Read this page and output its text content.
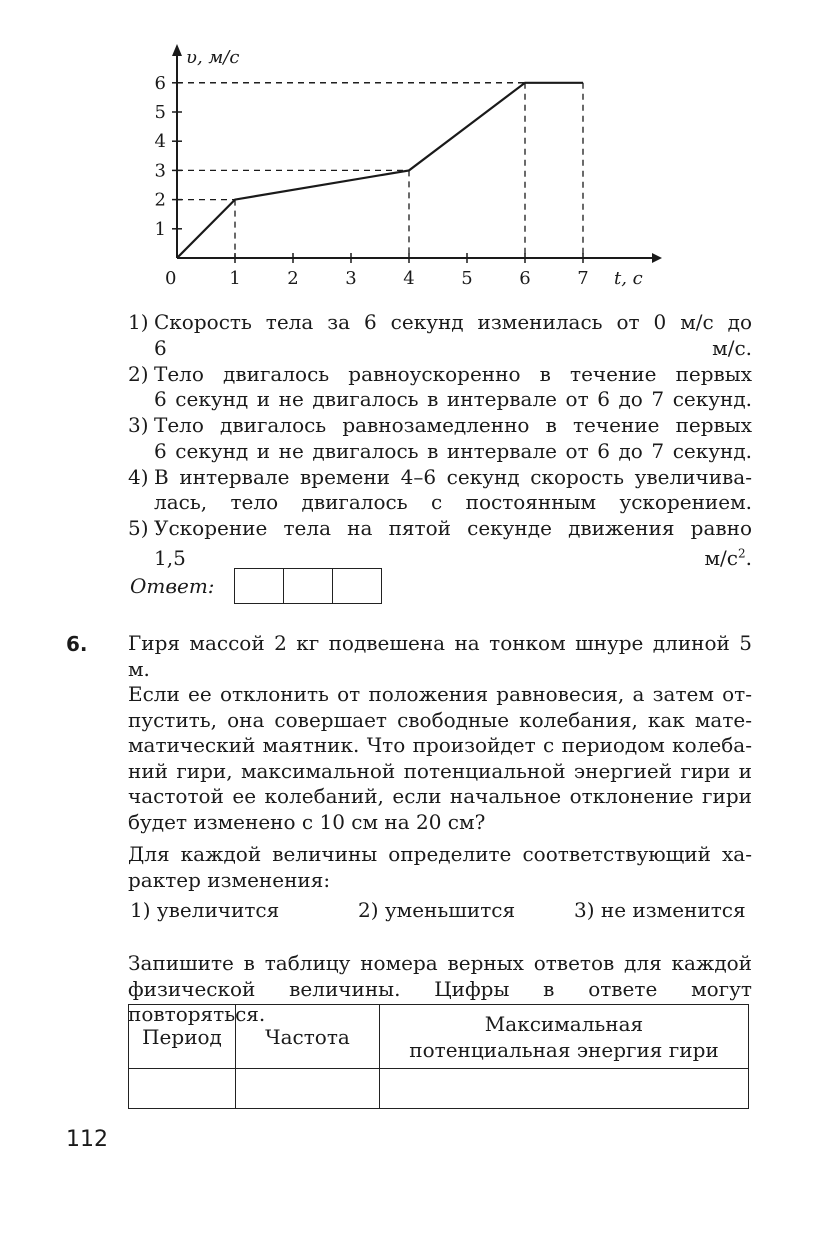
1	2	3	4	5	6	7
1
2
3
4
5
6
υ, м/с
t, с
0
1) Скорость тела за 6 секунд изменилась от 0 м/с до
6 м/с.
2) Тело двигалось равноускоренно в течение первых
6 секунд и не двигалось в интервале от 6 до 7 секунд.
3) Тело двигалось равнозамедленно в течение первых
6 секунд и не двигалось в интервале от 6 до 7 секунд.
4) В интервале времени 4–6 секунд скорость увеличива-
лась, тело двигалось с постоянным ускорением.
5) Ускорение тела на пятой секунде движения равно
1,5 $м/с^2$.
Ответ:
6. Гиря массой 2 кг подвешена на тонком шнуре длиной 5 м.
Если ее отклонить от положения равновесия, а затем от-
пустить, она совершает свободные колебания, как мате-
матический маятник. Что произойдет с периодом колеба-
ний гири, максимальной потенциальной энергией гири и
частотой ее колебаний, если начальное отклонение гири
будет изменено с 10 см на 20 см?
Для каждой величины определите соответствующий ха-
рактер изменения:
1) увеличится	2) уменьшится	3) не изменится
Запишите в таблицу номера верных ответов для каждой
физической величины. Цифры в ответе могут повторяться.
Период	Частота	Максимальная
потенциальная энергия гири

112
